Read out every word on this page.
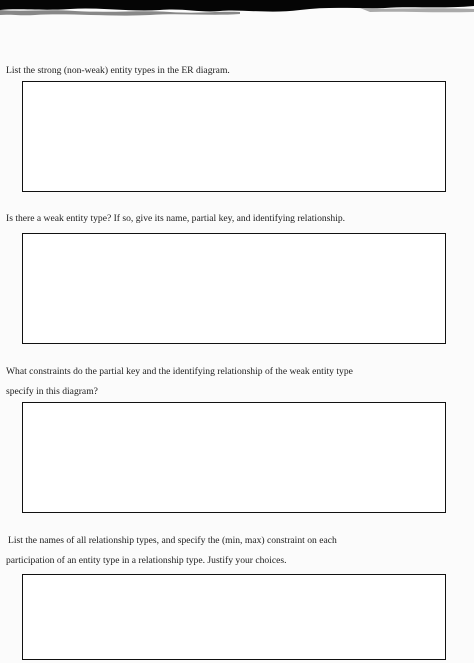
List the strong (non-weak) entity types in the ER diagram.

Is there a weak entity type? If so, give its name, partial key, and identifying relationship.

What constraints do the partial key and the identifying relationship of the weak entity type

specify in this diagram?

List the names of all relationship types, and specify the (min, max) constraint on each

participation of an entity type in a relationship type. Justify your choices.
